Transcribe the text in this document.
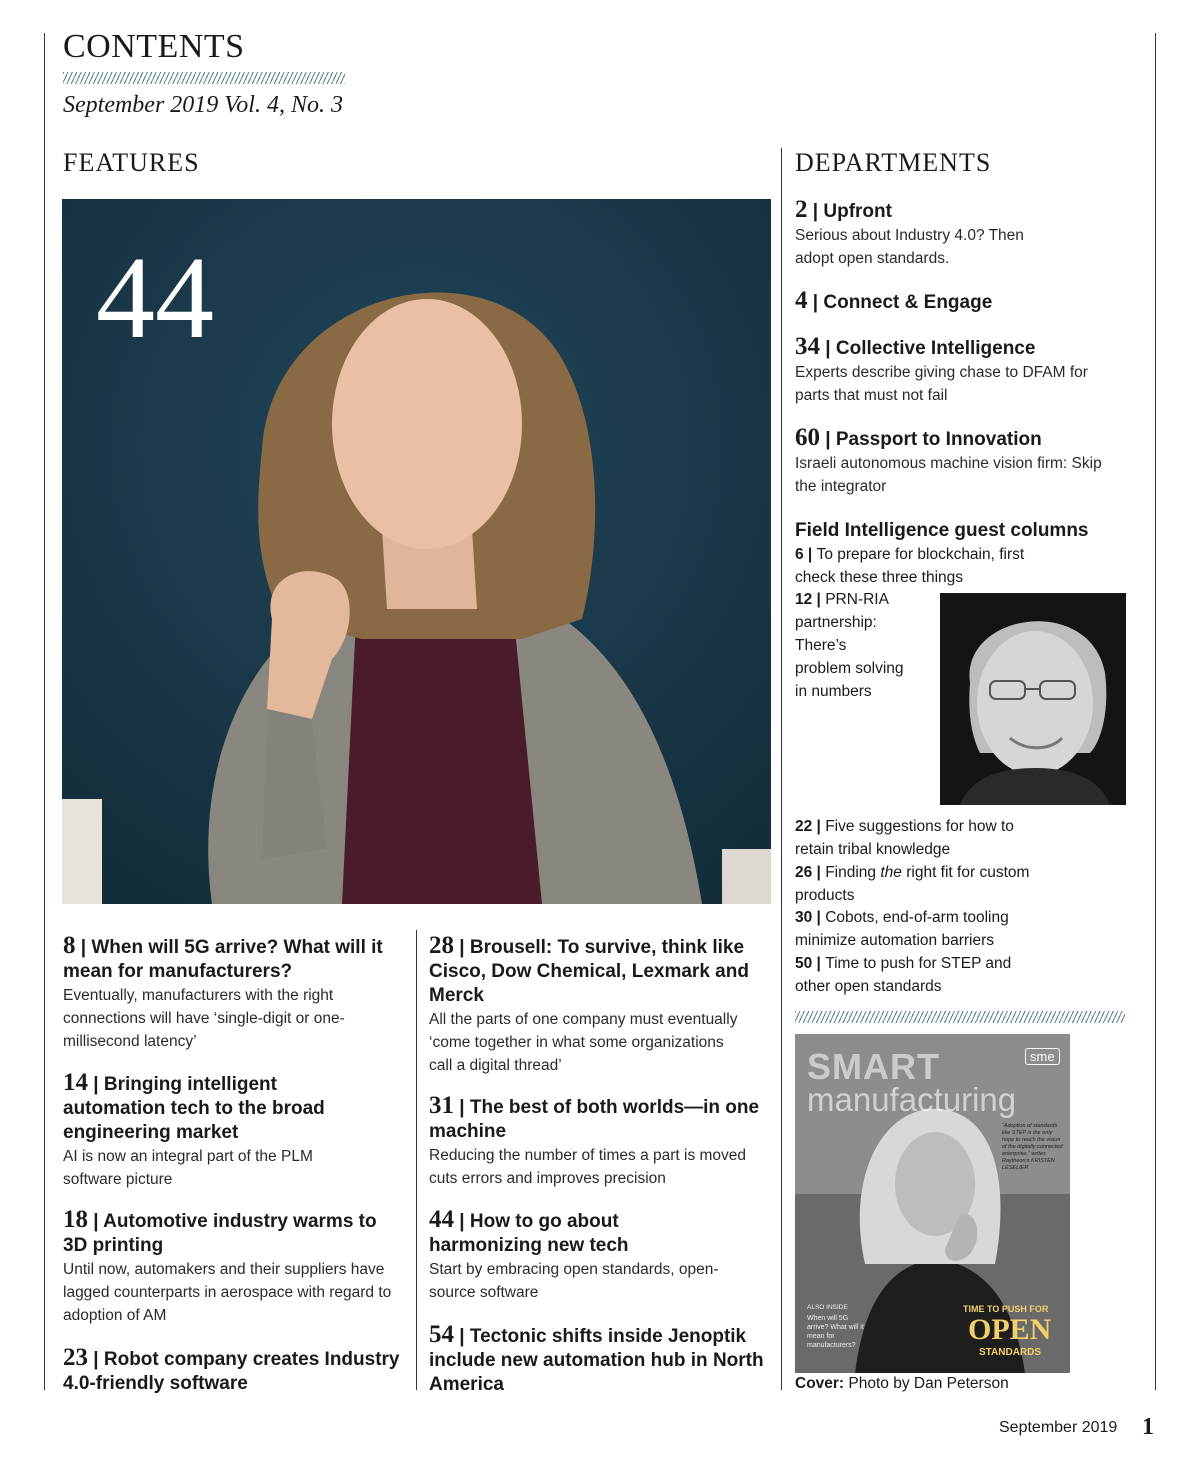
CONTENTS
September 2019 Vol. 4, No. 3
FEATURES	DEPARTMENTS
44
8 | When will 5G arrive? What will it mean for manufacturers?
Eventually, manufacturers with the right connections will have ‘single-digit or one-millisecond latency’
14 | Bringing intelligent automation tech to the broad engineering market
AI is now an integral part of the PLM software picture
18 | Automotive industry warms to 3D printing
Until now, automakers and their suppliers have lagged counterparts in aerospace with regard to adoption of AM
23 | Robot company creates Industry 4.0-friendly software
28 | Brousell: To survive, think like Cisco, Dow Chemical, Lexmark and Merck
All the parts of one company must eventually ‘come together in what some organizations call a digital thread’
31 | The best of both worlds—in one machine
Reducing the number of times a part is moved cuts errors and improves precision
44 | How to go about harmonizing new tech
Start by embracing open standards, open-source software
54 | Tectonic shifts inside Jenoptik include new automation hub in North America
2 | Upfront
Serious about Industry 4.0? Then adopt open standards.
4 | Connect & Engage
34 | Collective Intelligence
Experts describe giving chase to DFAM for parts that must not fail
60 | Passport to Innovation
Israeli autonomous machine vision firm: Skip the integrator
Field Intelligence guest columns
6 | To prepare for blockchain, first check these three things
12 | PRN-RIA partnership: There’s problem solving in numbers
22 | Five suggestions for how to retain tribal knowledge
26 | Finding the right fit for custom products
30 | Cobots, end-of-arm tooling minimize automation barriers
50 | Time to push for STEP and other open standards
SMART
manufacturing
sme
“Adoption of standards like STEP is the only hope to reach the vision of the digitally connected enterprise,” writes Raytheon’s KRISTEN LESELIER
ALSO INSIDE
When will 5G arrive? What will it mean for manufacturers?
TIME TO PUSH FOR
OPEN
STANDARDS
Cover: Photo by Dan Peterson
September 2019 1
